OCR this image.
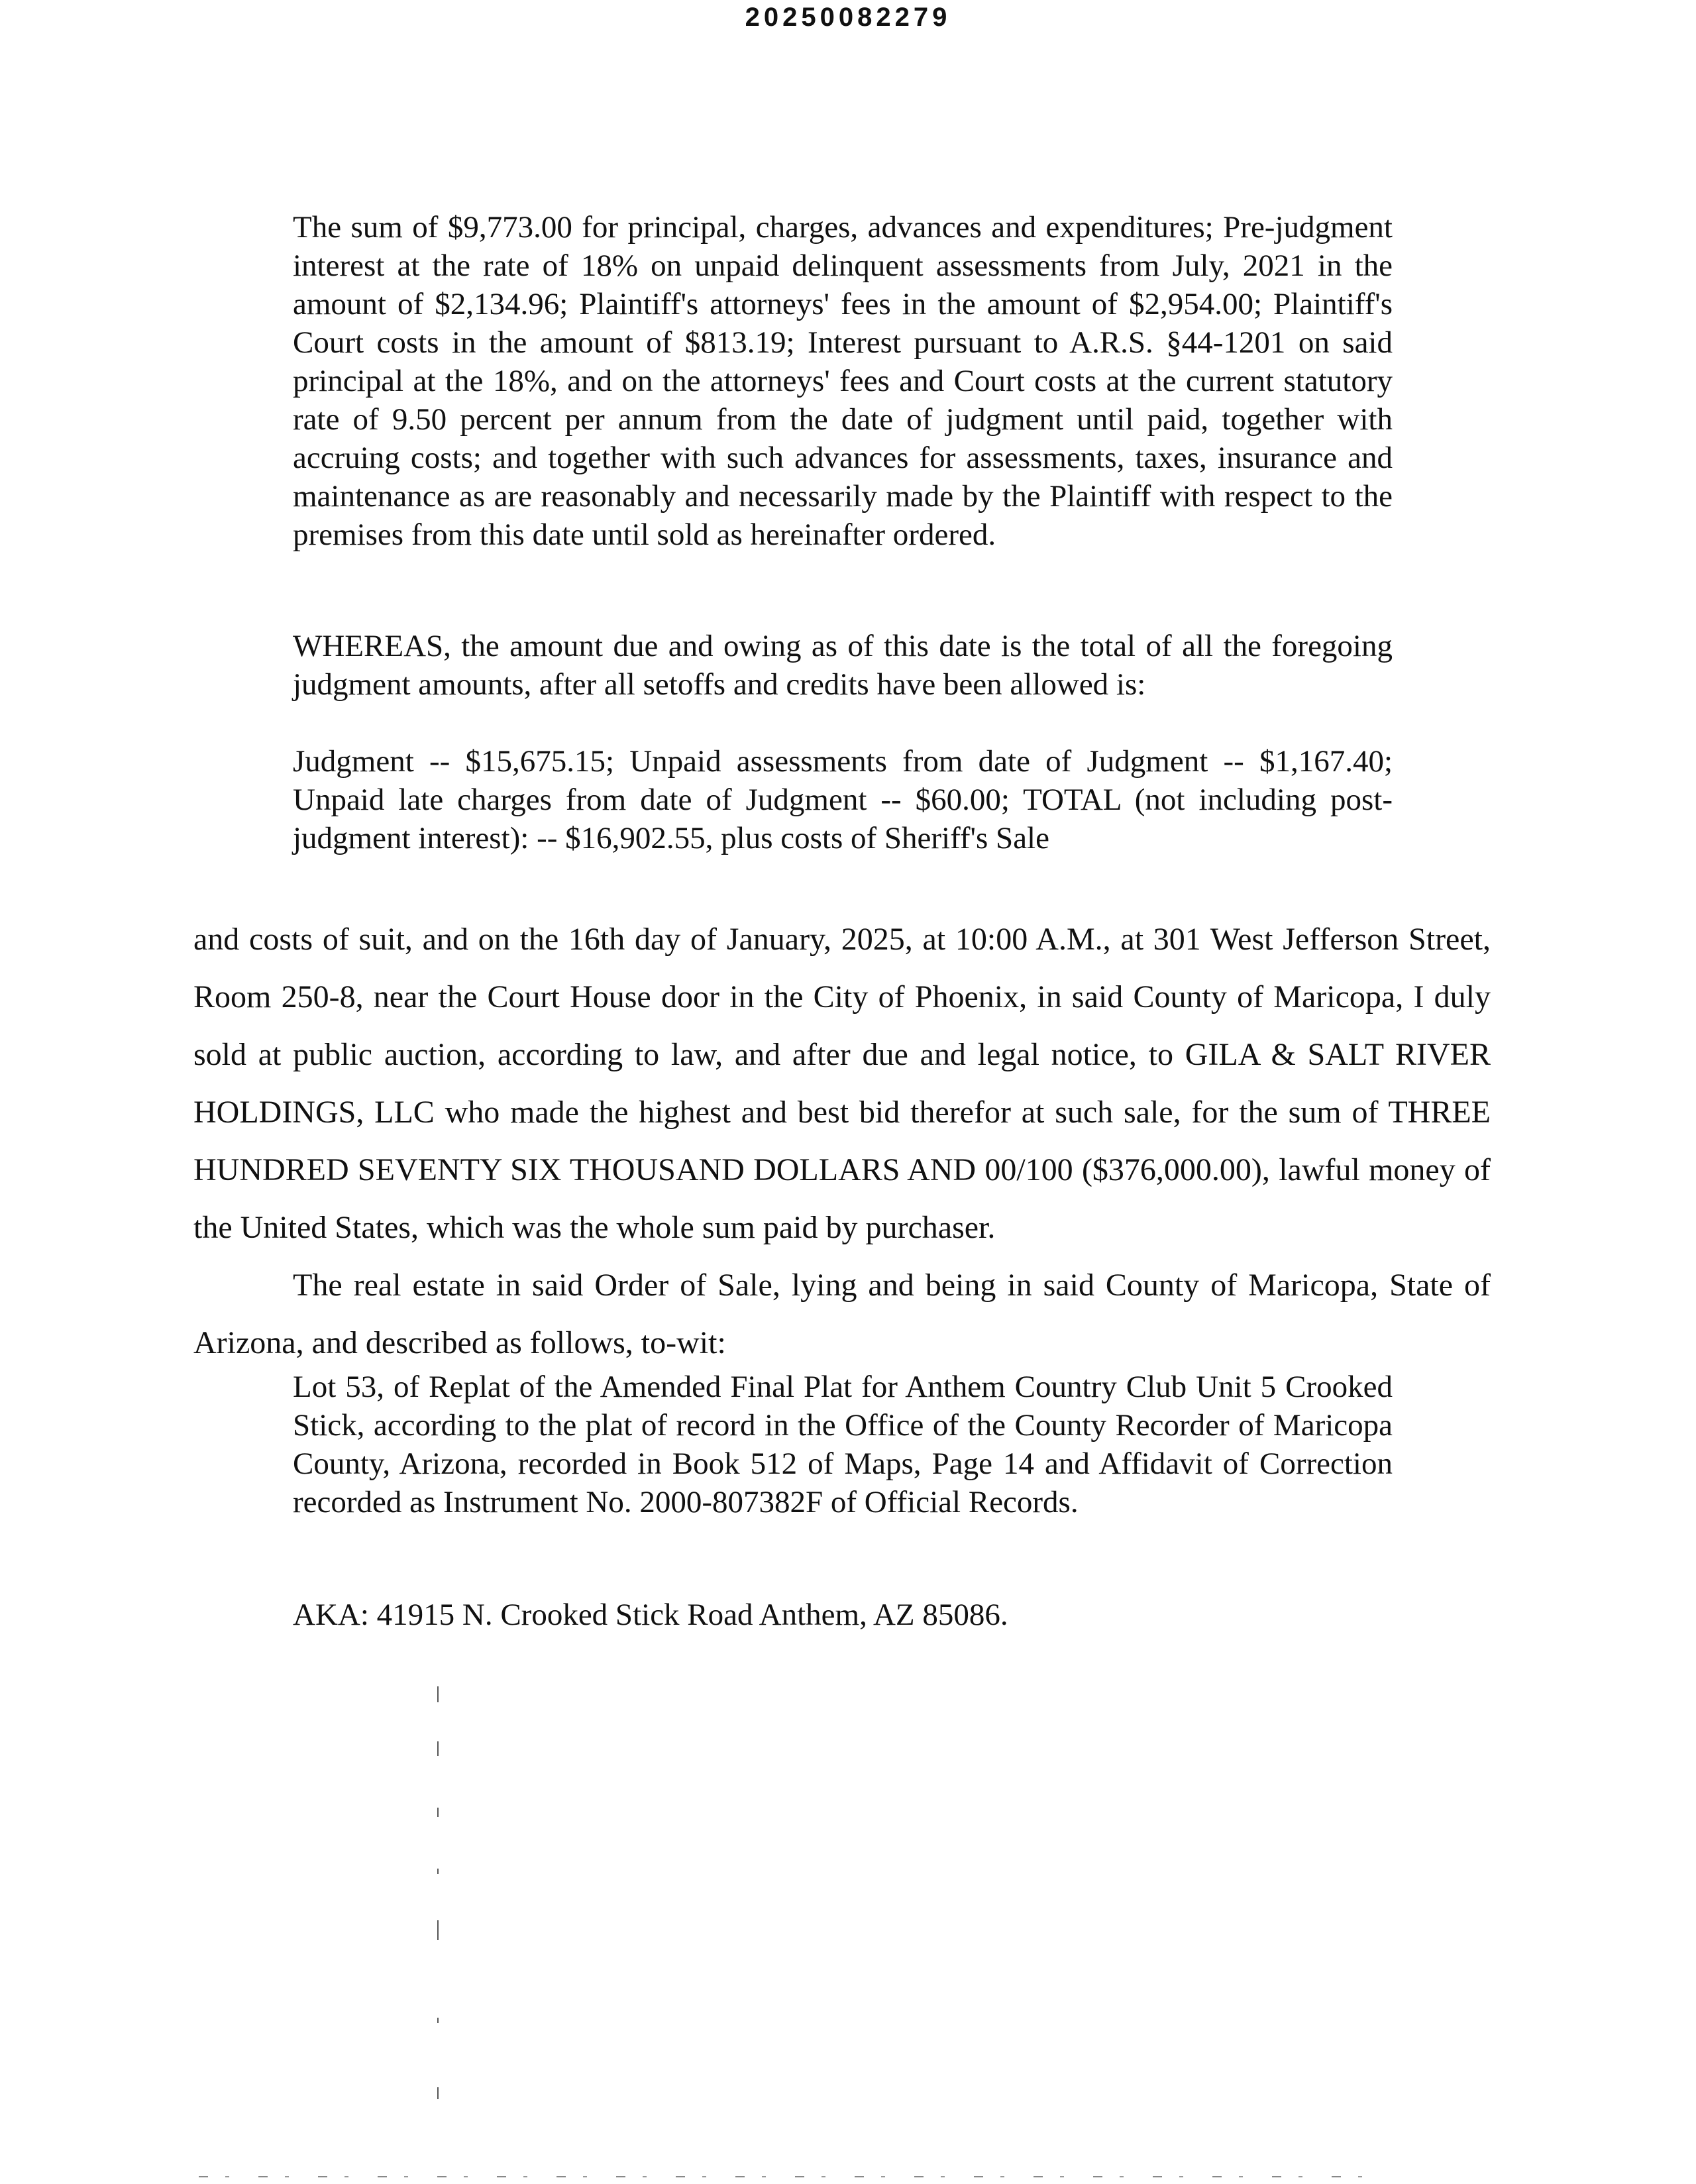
20250082279

The sum of $9,773.00 for principal, charges, advances and expenditures; Pre-judgment interest at the rate of 18% on unpaid delinquent assessments from July, 2021 in the amount of $2,134.96; Plaintiff's attorneys' fees in the amount of $2,954.00; Plaintiff's Court costs in the amount of $813.19; Interest pursuant to A.R.S. §44-1201 on said principal at the 18%, and on the attorneys' fees and Court costs at the current statutory rate of 9.50 percent per annum from the date of judgment until paid, together with accruing costs; and together with such advances for assessments, taxes, insurance and maintenance as are reasonably and necessarily made by the Plaintiff with respect to the premises from this date until sold as hereinafter ordered.

WHEREAS, the amount due and owing as of this date is the total of all the foregoing judgment amounts, after all setoffs and credits have been allowed is:

Judgment -- $15,675.15; Unpaid assessments from date of Judgment -- $1,167.40; Unpaid late charges from date of Judgment -- $60.00; TOTAL (not including post-judgment interest): -- $16,902.55, plus costs of Sheriff's Sale

and costs of suit, and on the 16th day of January, 2025, at 10:00 A.M., at 301 West Jefferson Street, Room 250-8, near the Court House door in the City of Phoenix, in said County of Maricopa, I duly sold at public auction, according to law, and after due and legal notice, to GILA & SALT RIVER HOLDINGS, LLC who made the highest and best bid therefor at such sale, for the sum of THREE HUNDRED SEVENTY SIX THOUSAND DOLLARS AND 00/100 ($376,000.00), lawful money of the United States, which was the whole sum paid by purchaser.

The real estate in said Order of Sale, lying and being in said County of Maricopa, State of Arizona, and described as follows, to-wit:

Lot 53, of Replat of the Amended Final Plat for Anthem Country Club Unit 5 Crooked Stick, according to the plat of record in the Office of the County Recorder of Maricopa County, Arizona, recorded in Book 512 of Maps, Page 14 and Affidavit of Correction recorded as Instrument No. 2000-807382F of Official Records.

AKA: 41915 N. Crooked Stick Road Anthem, AZ 85086.
